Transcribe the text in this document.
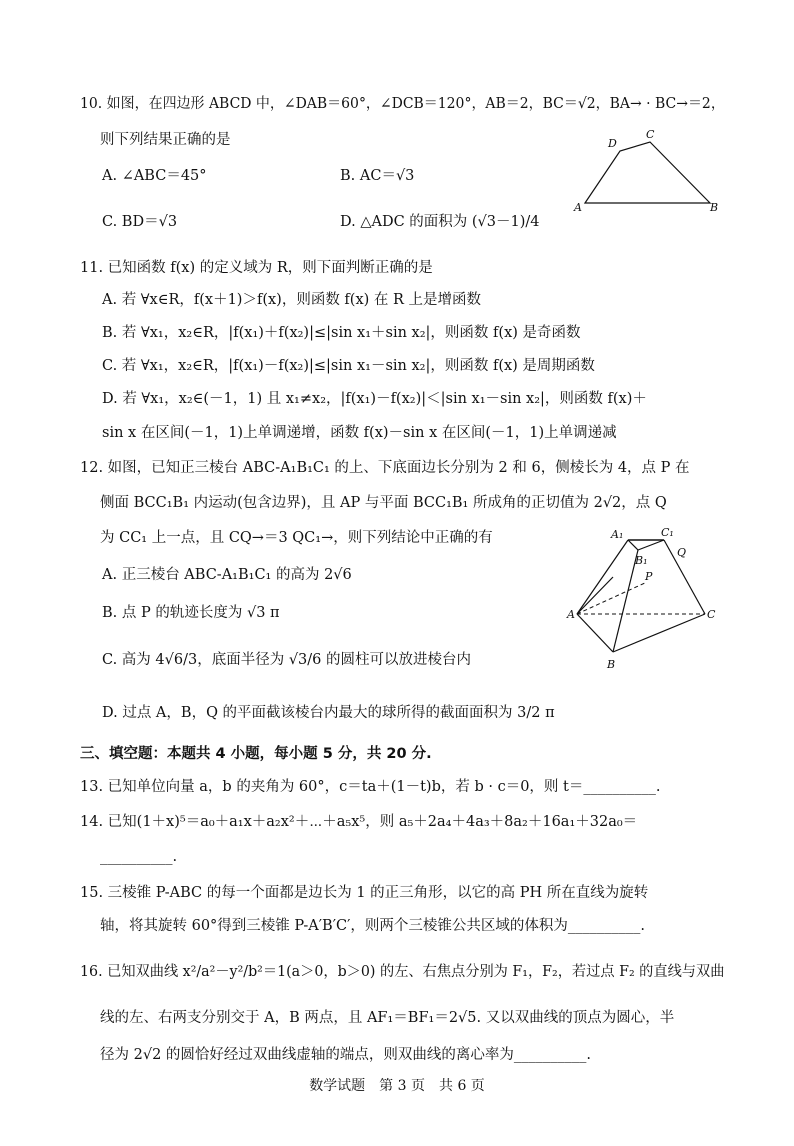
10. 如图，在四边形 ABCD 中，∠DAB＝60°，∠DCB＝120°，AB＝2，BC＝√2，BA→ · BC→＝2，
则下列结果正确的是
A. ∠ABC＝45°	B. AC＝√3
C. BD＝√3	D. △ADC 的面积为 (√3－1)/4
A	B
C
D
11. 已知函数 f(x) 的定义域为 R，则下面判断正确的是
A. 若 ∀x∈R，f(x＋1)＞f(x)，则函数 f(x) 在 R 上是增函数
B. 若 ∀x₁，x₂∈R，|f(x₁)＋f(x₂)|≤|sin x₁＋sin x₂|，则函数 f(x) 是奇函数
C. 若 ∀x₁，x₂∈R，|f(x₁)－f(x₂)|≤|sin x₁－sin x₂|，则函数 f(x) 是周期函数
D. 若 ∀x₁，x₂∈(－1，1) 且 x₁≠x₂，|f(x₁)－f(x₂)|＜|sin x₁－sin x₂|，则函数 f(x)＋
sin x 在区间(－1，1)上单调递增，函数 f(x)－sin x 在区间(－1，1)上单调递减
12. 如图，已知正三棱台 ABC-A₁B₁C₁ 的上、下底面边长分别为 2 和 6，侧棱长为 4，点 P 在
侧面 BCC₁B₁ 内运动(包含边界)，且 AP 与平面 BCC₁B₁ 所成角的正切值为 2√2，点 Q
为 CC₁ 上一点，且 CQ→＝3 QC₁→，则下列结论中正确的有
A. 正三棱台 ABC-A₁B₁C₁ 的高为 2√6
B. 点 P 的轨迹长度为 √3 π
C. 高为 4√6/3，底面半径为 √3/6 的圆柱可以放进棱台内
D. 过点 A，B，Q 的平面截该棱台内最大的球所得的截面面积为 3/2 π
A₁	C₁
B₁
Q
P
A
B
C
三、填空题：本题共 4 小题，每小题 5 分，共 20 分.
13. 已知单位向量 a，b 的夹角为 60°，c＝ta＋(1－t)b，若 b · c＝0，则 t＝__________.
14. 已知(1＋x)⁵＝a₀＋a₁x＋a₂x²＋⋯＋a₅x⁵，则 a₅＋2a₄＋4a₃＋8a₂＋16a₁＋32a₀＝
__________.
15. 三棱锥 P-ABC 的每一个面都是边长为 1 的正三角形，以它的高 PH 所在直线为旋转
轴，将其旋转 60°得到三棱锥 P-A′B′C′，则两个三棱锥公共区域的体积为__________.
16. 已知双曲线 x²/a²－y²/b²＝1(a＞0，b＞0) 的左、右焦点分别为 F₁，F₂，若过点 F₂ 的直线与双曲
线的左、右两支分别交于 A，B 两点，且 AF₁＝BF₁＝2√5. 又以双曲线的顶点为圆心，半
径为 2√2 的圆恰好经过双曲线虚轴的端点，则双曲线的离心率为__________.
数学试题　第 3 页　共 6 页
